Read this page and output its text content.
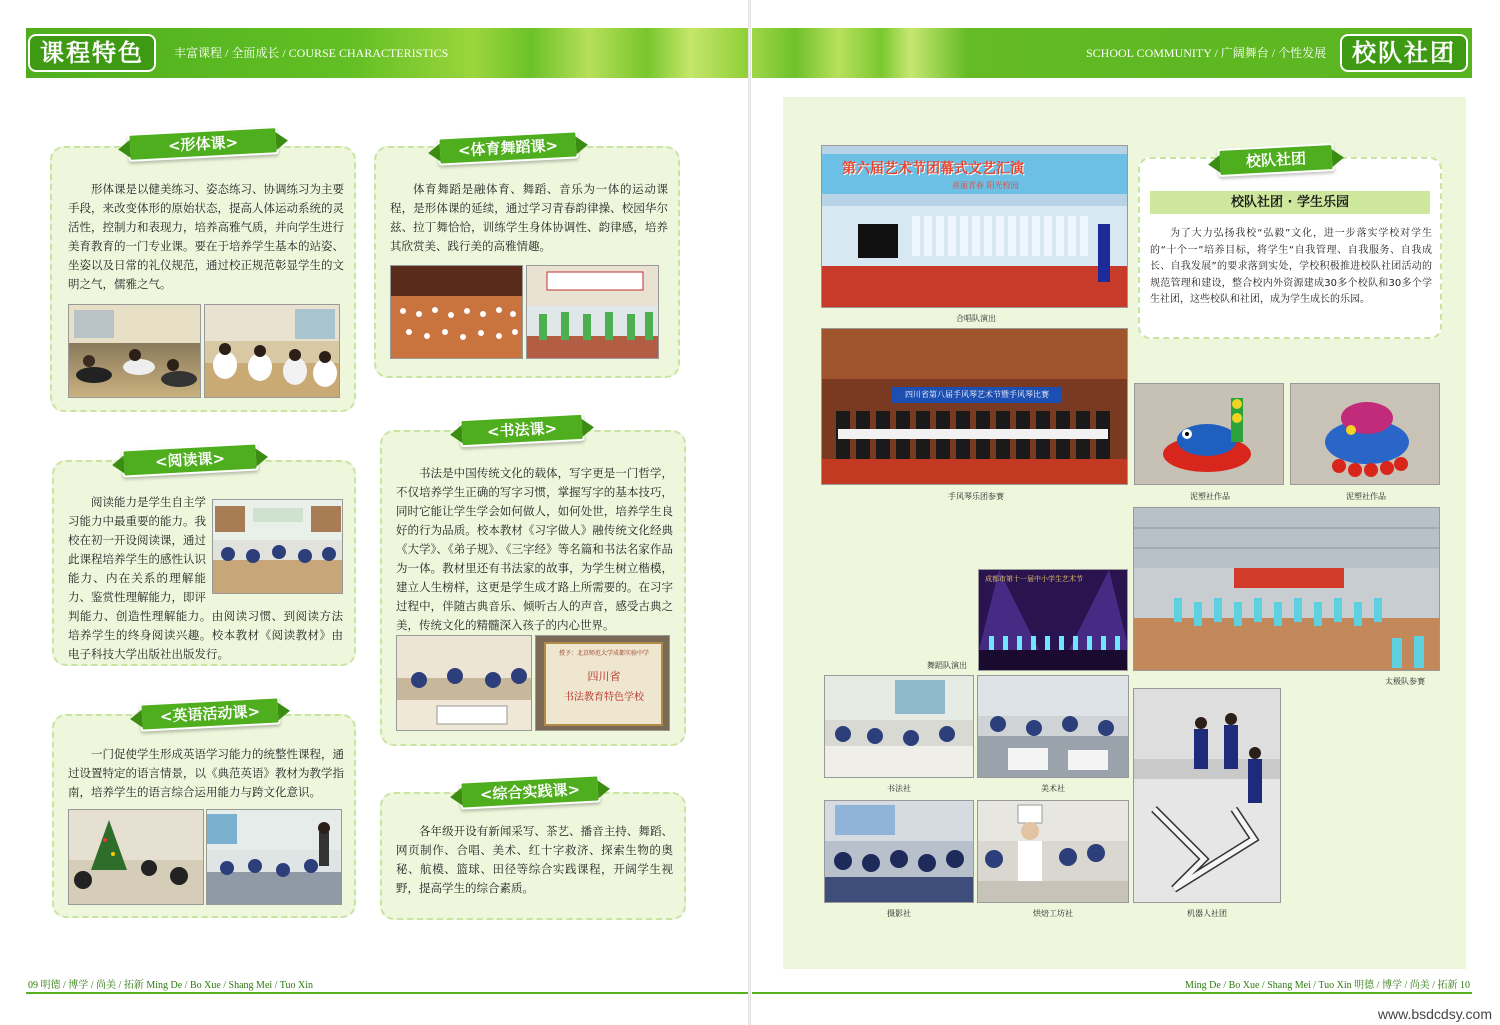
课程特色	丰富课程 / 全面成长 / COURSE CHARACTERISTICS	SCHOOL COMMUNITY / 广阔舞台 / 个性发展	校队社团
<形体课>

形体课是以健美练习、姿态练习、协调练习为主要手段，来改变体形的原始状态，提高人体运动系统的灵活性，控制力和表现力，培养高雅气质，并向学生进行美育教育的一门专业课。要在于培养学生基本的站姿、坐姿以及日常的礼仪规范，通过校正规范彰显学生的文明之气，儒雅之气。

<体育舞蹈课>

体育舞蹈是融体育、舞蹈、音乐为一体的运动课程，是形体课的延续，通过学习青春韵律操、校园华尔兹、拉丁舞恰恰，训练学生身体协调性、韵律感，培养其欣赏美、践行美的高雅情趣。

<阅读课>

阅读能力是学生自主学习能力中最重要的能力。我校在初一开设阅读课，通过此课程培养学生的感性认识能力、内在关系的理解能力、鉴赏性理解能力，即评判能力、创造性理解能力。由阅读习惯、到阅读方法培养学生的终身阅读兴趣。校本教材《阅读教材》由电子科技大学出版社出版发行。

<书法课>

书法是中国传统文化的载体，写字更是一门哲学，不仅培养学生正确的写字习惯，掌握写字的基本技巧，同时它能让学生学会如何做人，如何处世，培养学生良好的行为品质。校本教材《习字做人》融传统文化经典《大学》、《弟子规》、《三字经》等名篇和书法名家作品为一体。教材里还有书法家的故事，为学生树立楷模，建立人生榜样，这更是学生成才路上所需要的。在习字过程中，伴随古典音乐、倾听古人的声音，感受古典之美，传统文化的精髓深入孩子的内心世界。

授予：北京师范大学成都实验中学
四川省
书法教育特色学校
<英语活动课>

一门促使学生形成英语学习能力的统整性课程，通过设置特定的语言情景，以《典范英语》教材为教学指南，培养学生的语言综合运用能力与跨文化意识。	<综合实践课>

各年级开设有新闻采写、茶艺、播音主持、舞蹈、网页制作、合唱、美术、红十字救济、探索生物的奥秘、航模、篮球、田径等综合实践课程，开阔学生视野，提高学生的综合素质。

第六届艺术节团幕式文艺汇演
亮丽青春 阳光校园
合唱队演出
校队社团
校队社团 · 学生乐园

为了大力弘扬我校“弘毅”文化，进一步落实学校对学生的“十个一”培养目标，将学生“自我管理、自我服务、自我成长、自我发展”的要求落到实处，学校积极推进校队社团活动的规范管理和建设，整合校内外资源建成30多个校队和30多个学生社团，这些校队和社团，成为学生成长的乐园。

四川省第八届手风琴艺术节暨手风琴比赛
手风琴乐团参赛	泥塑社作品	泥塑社作品
太极队参赛
成都市第十一届中小学生艺术节
舞蹈队演出
书法社	美术社
摄影社	烘焙工坊社	机器人社团
09 明德 / 博学 / 尚美 / 拓新 Ming De / Bo Xue / Shang Mei / Tuo Xin	Ming De / Bo Xue / Shang Mei / Tuo Xin 明德 / 博学 / 尚美 / 拓新 10
www.bsdcdsy.com
